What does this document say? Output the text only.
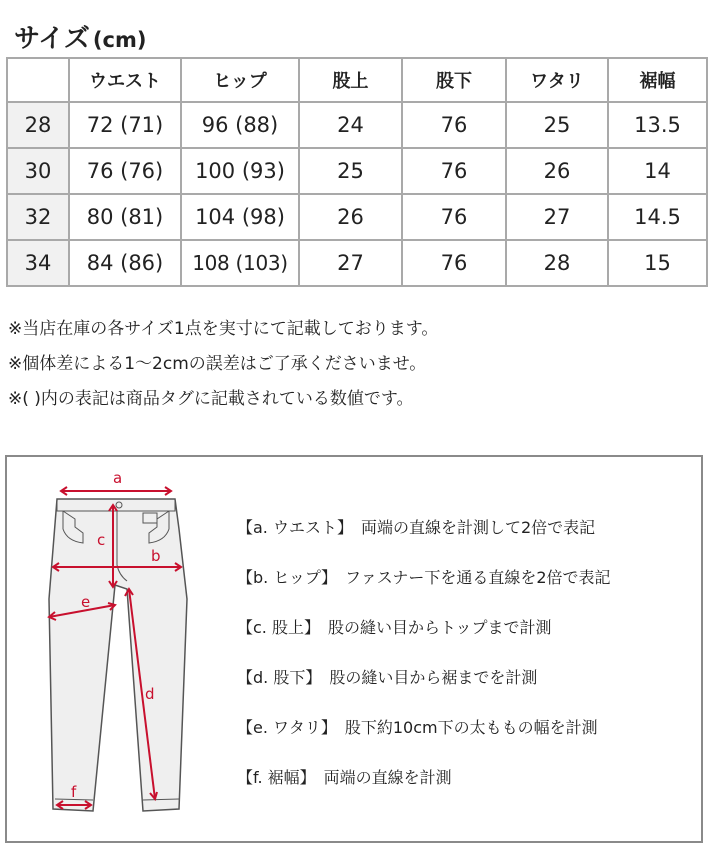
サイズ (cm)
	ウエスト	ヒップ	股上	股下	ワタリ	裾幅
28	72 (71)	96 (88)	24	76	25	13.5
30	76 (76)	100 (93)	25	76	26	14
32	80 (81)	104 (98)	26	76	27	14.5
34	84 (86)	108 (103)	27	76	28	15
※当店在庫の各サイズ1点を実寸にて記載しております。
※個体差による1〜2cmの誤差はご了承くださいませ。
※( )内の表記は商品タグに記載されている数値です。
a
b
c
d
e
f
【a. ウエスト】 両端の直線を計測して2倍で表記
【b. ヒップ】 ファスナー下を通る直線を2倍で表記
【c. 股上】 股の縫い目からトップまで計測
【d. 股下】 股の縫い目から裾までを計測
【e. ワタリ】 股下約10cm下の太ももの幅を計測
【f. 裾幅】 両端の直線を計測
